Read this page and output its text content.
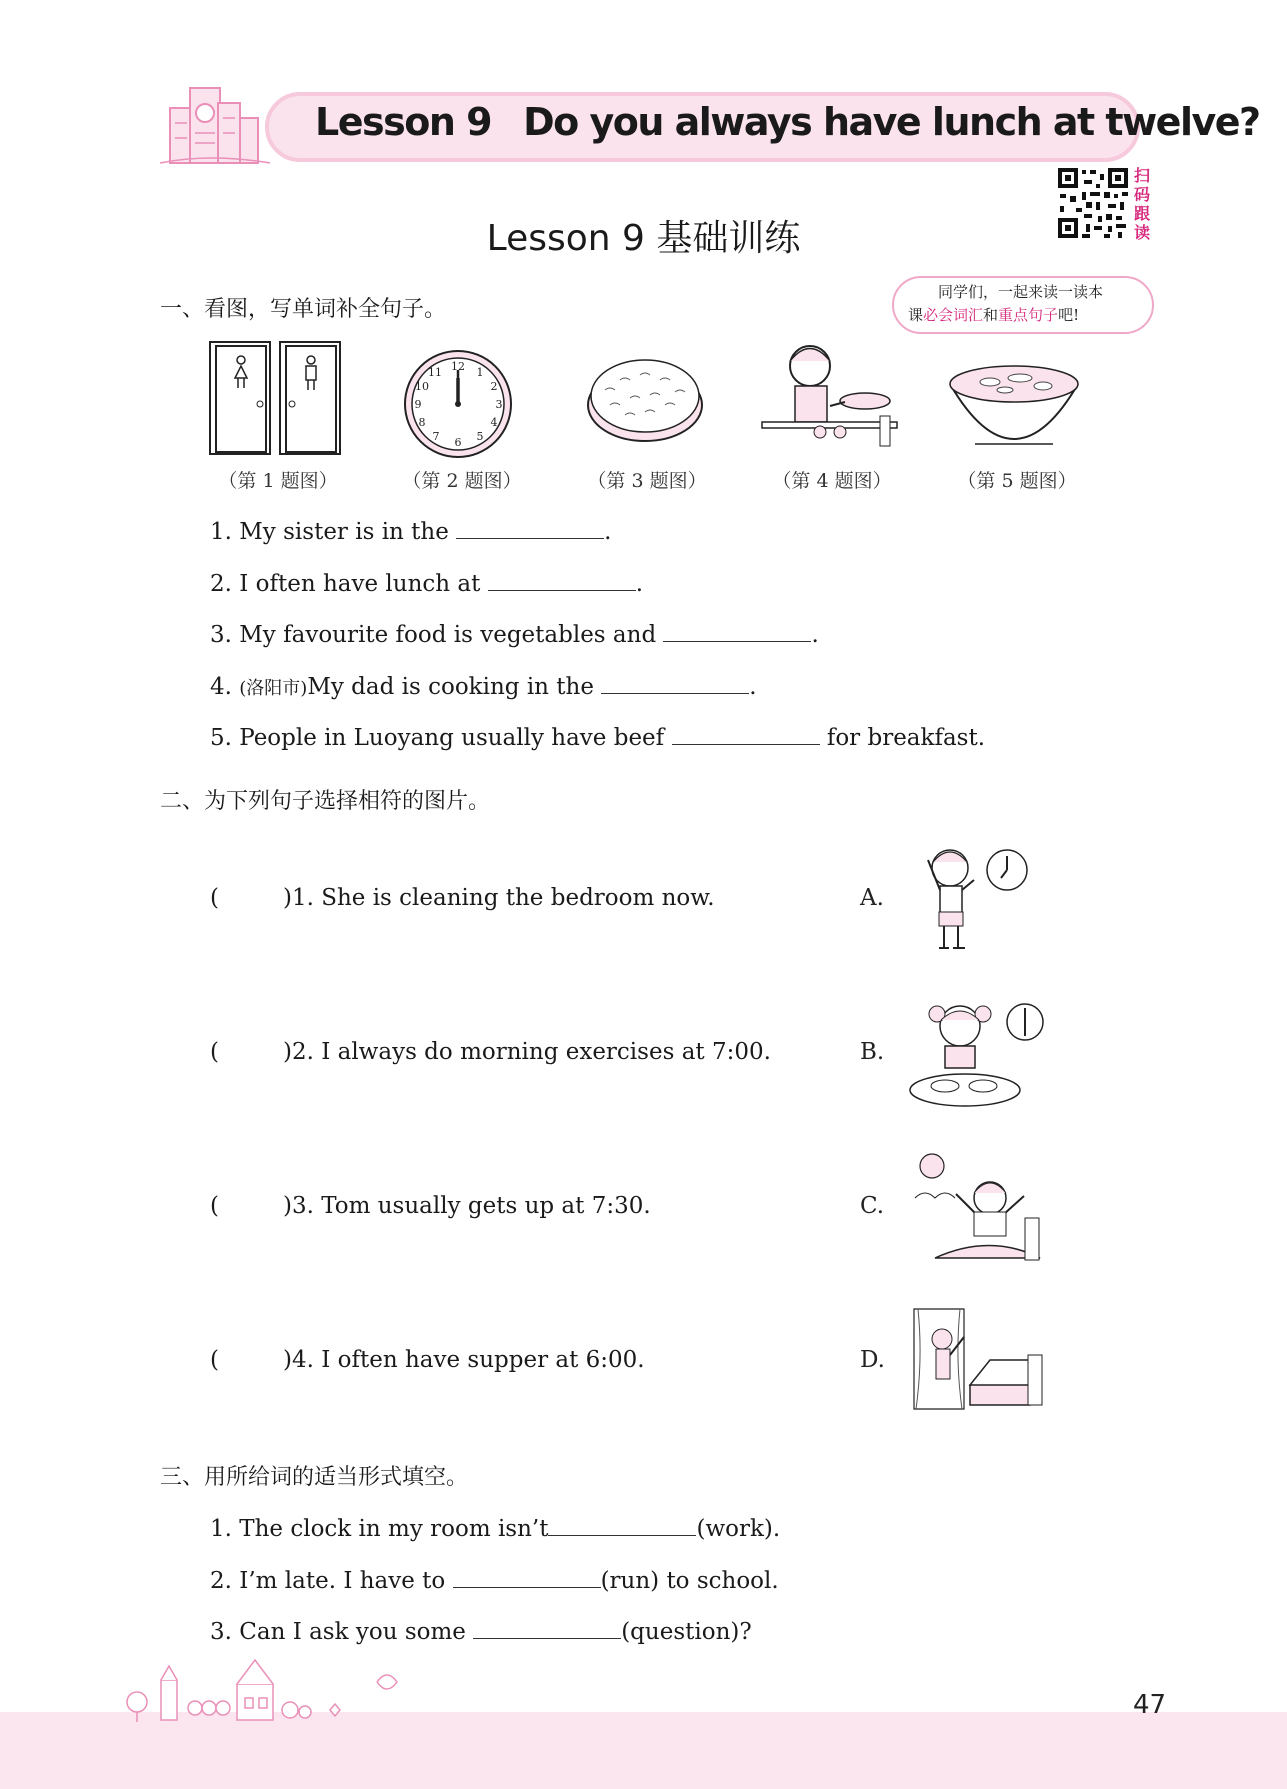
Lesson 9 Do you always have lunch at twelve?
扫码跟读
Lesson 9 基础训练
同学们，一起来读一读本
课必会词汇和重点句子吧!
一、看图，写单词补全句子。
12 1
2
3
4
5
6
7
8
9
10
11
（第 1 题图）	（第 2 题图）	（第 3 题图）	（第 4 题图）	（第 5 题图）
1. My sister is in the	.
2. I often have lunch at	.
3. My favourite food is vegetables and	.
4. (洛阳市)My dad is cooking in the	.
5. People in Luoyang usually have beef	for breakfast.
二、为下列句子选择相符的图片。
(	)1. She is cleaning the bedroom now.	A.
(	)2. I always do morning exercises at 7:00.	B.
(	)3. Tom usually gets up at 7:30.	C.
(	)4. I often have supper at 6:00.	D.
三、用所给词的适当形式填空。
1. The clock in my room isn’t	(work).
2. I’m late. I have to	(run) to school.
3. Can I ask you some	(question)?
47
